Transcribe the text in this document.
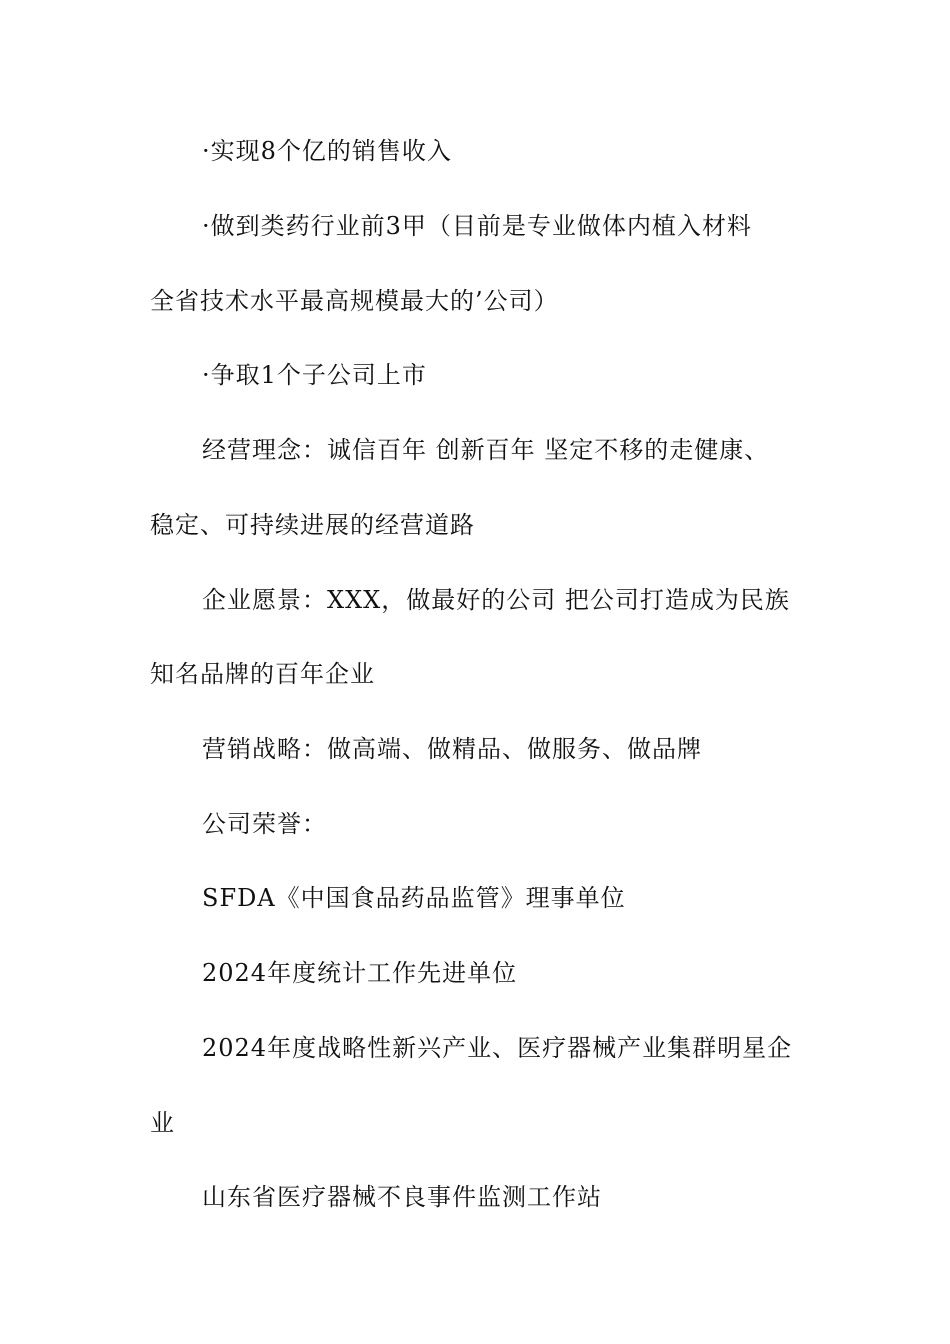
·实现8个亿的销售收入
·做到类药行业前3甲（目前是专业做体内植入材料
全省技术水平最高规模最大的’公司）
·争取1个子公司上市
经营理念：诚信百年 创新百年 坚定不移的走健康、
稳定、可持续进展的经营道路
企业愿景：XXX，做最好的公司 把公司打造成为民族
知名品牌的百年企业
营销战略：做高端、做精品、做服务、做品牌
公司荣誉：
SFDA《中国食品药品监管》理事单位
2024年度统计工作先进单位
2024年度战略性新兴产业、医疗器械产业集群明星企
业
山东省医疗器械不良事件监测工作站
